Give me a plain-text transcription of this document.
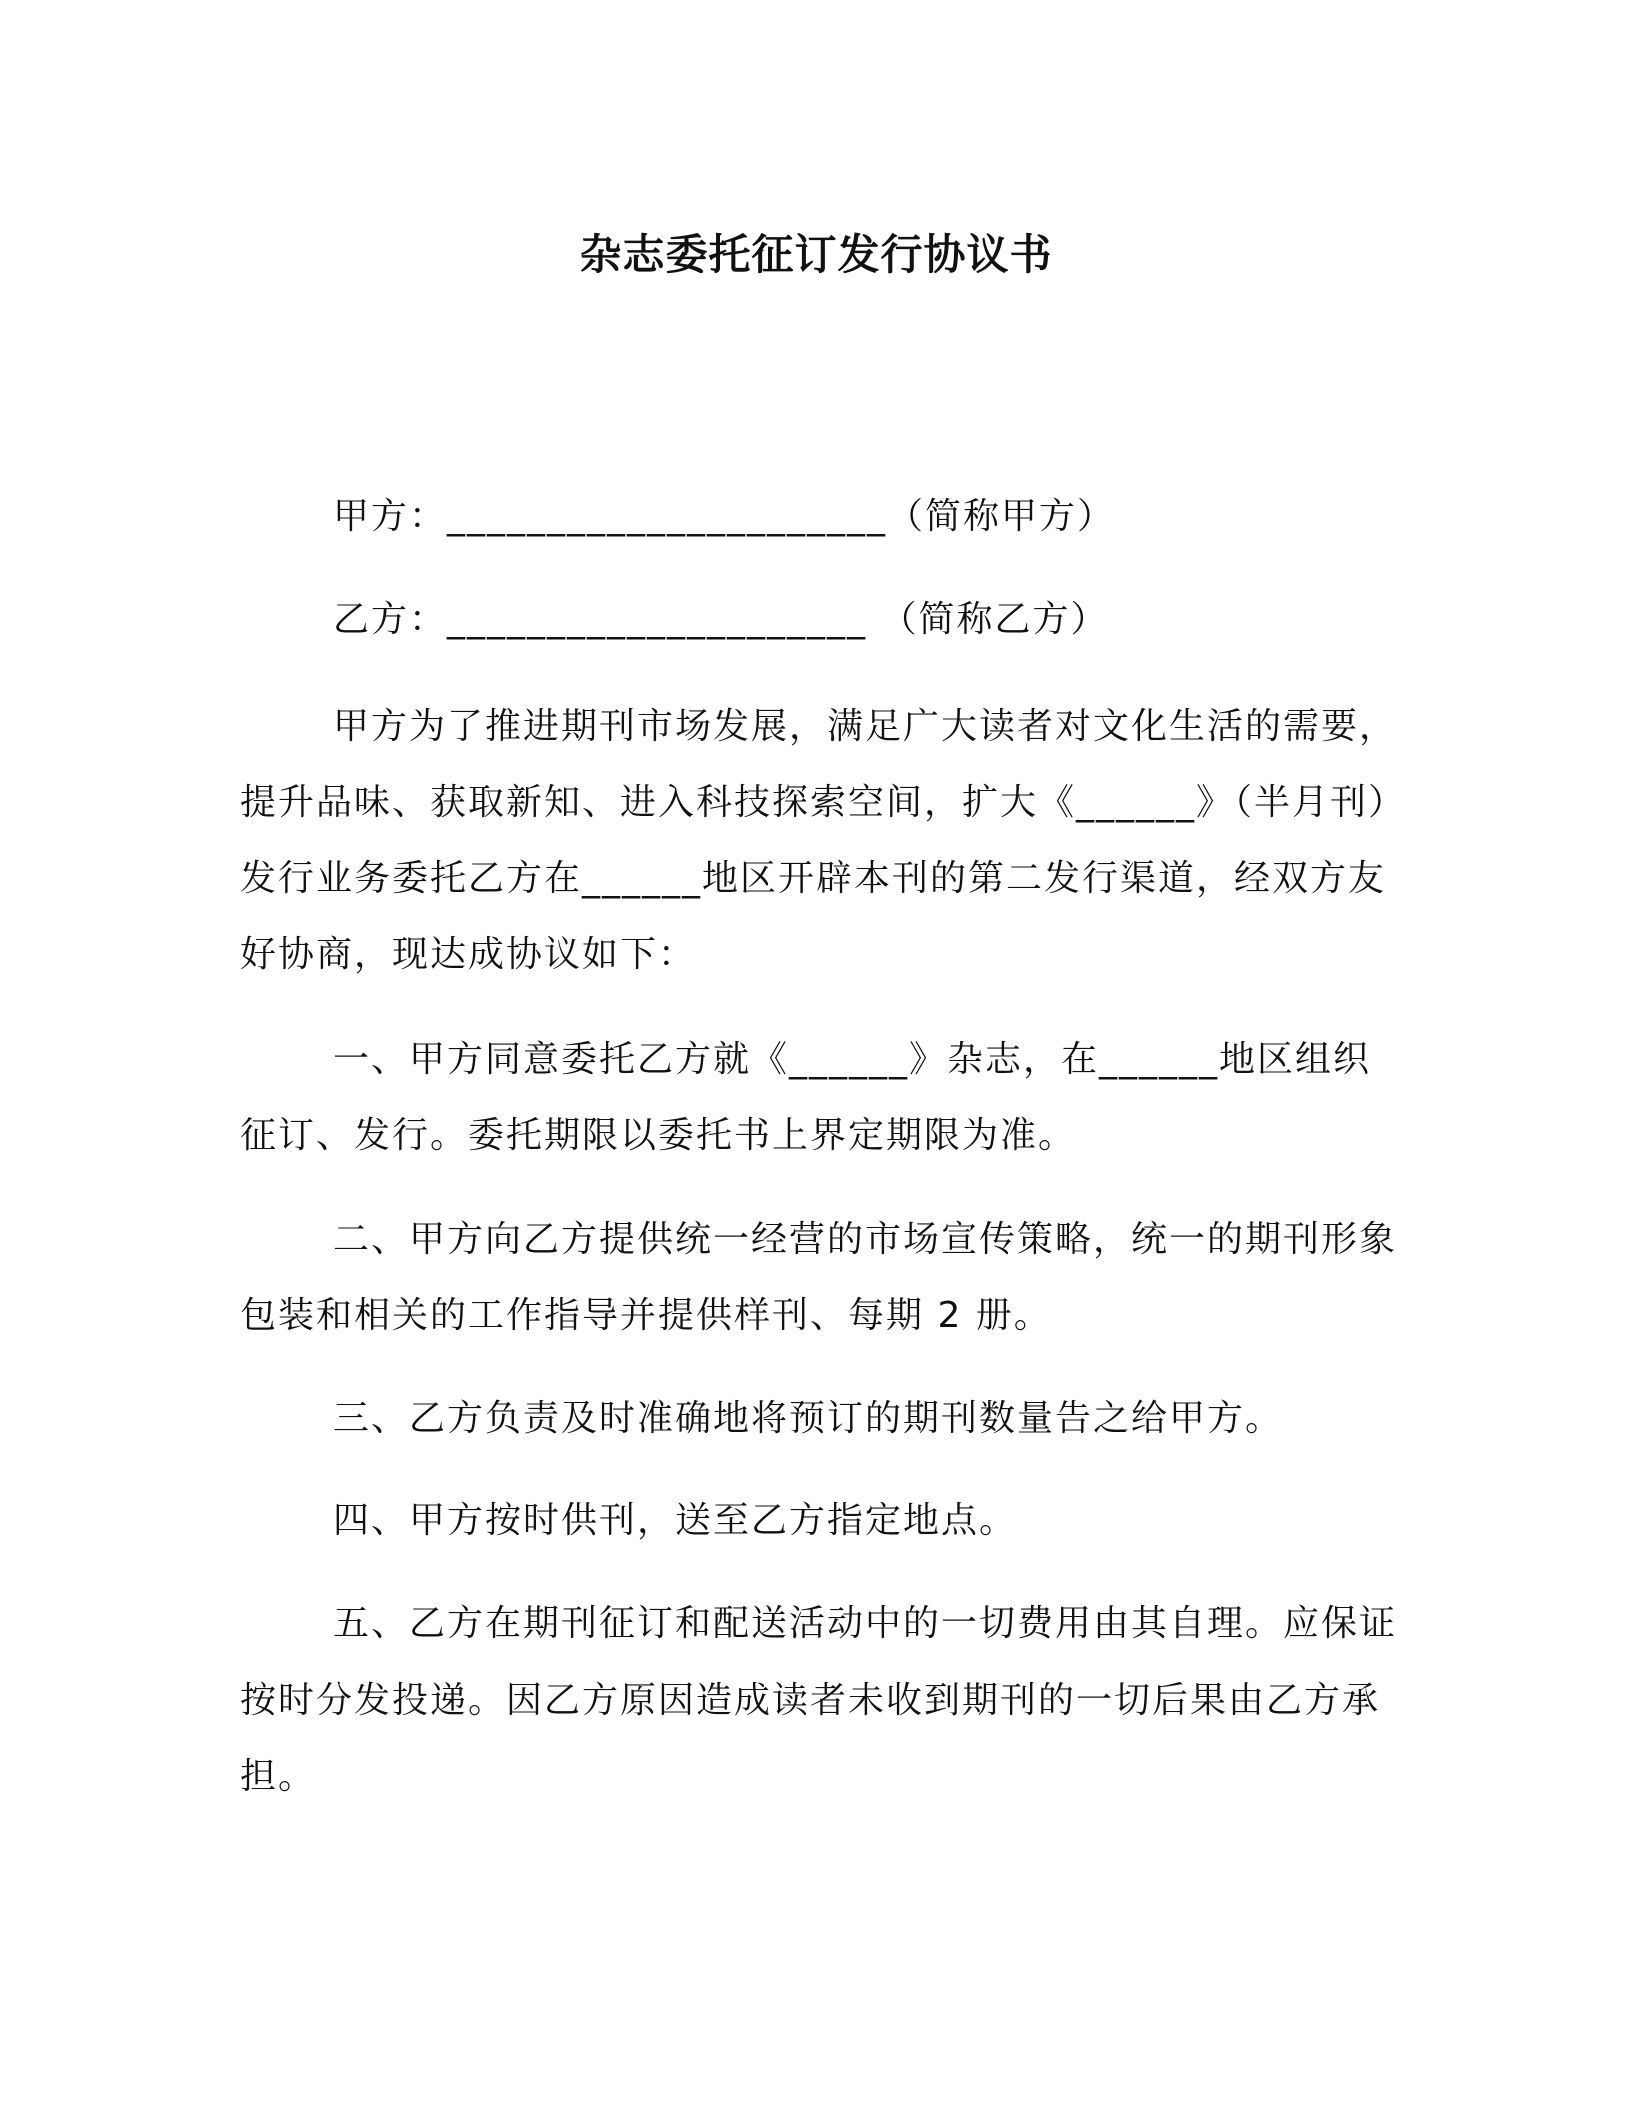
杂志委托征订发行协议书
甲方：______________________（简称甲方）
乙方：_____________________ （简称乙方）
甲方为了推进期刊市场发展，满足广大读者对文化生活的需要，
提升品味、获取新知、进入科技探索空间，扩大《______》（半月刊）
发行业务委托乙方在______地区开辟本刊的第二发行渠道，经双方友
好协商，现达成协议如下：
一、甲方同意委托乙方就《______》杂志，在______地区组织
征订、发行。委托期限以委托书上界定期限为准。
二、甲方向乙方提供统一经营的市场宣传策略，统一的期刊形象
包装和相关的工作指导并提供样刊、每期 2 册。
三、乙方负责及时准确地将预订的期刊数量告之给甲方。
四、甲方按时供刊，送至乙方指定地点。
五、乙方在期刊征订和配送活动中的一切费用由其自理。应保证
按时分发投递。因乙方原因造成读者未收到期刊的一切后果由乙方承
担。
